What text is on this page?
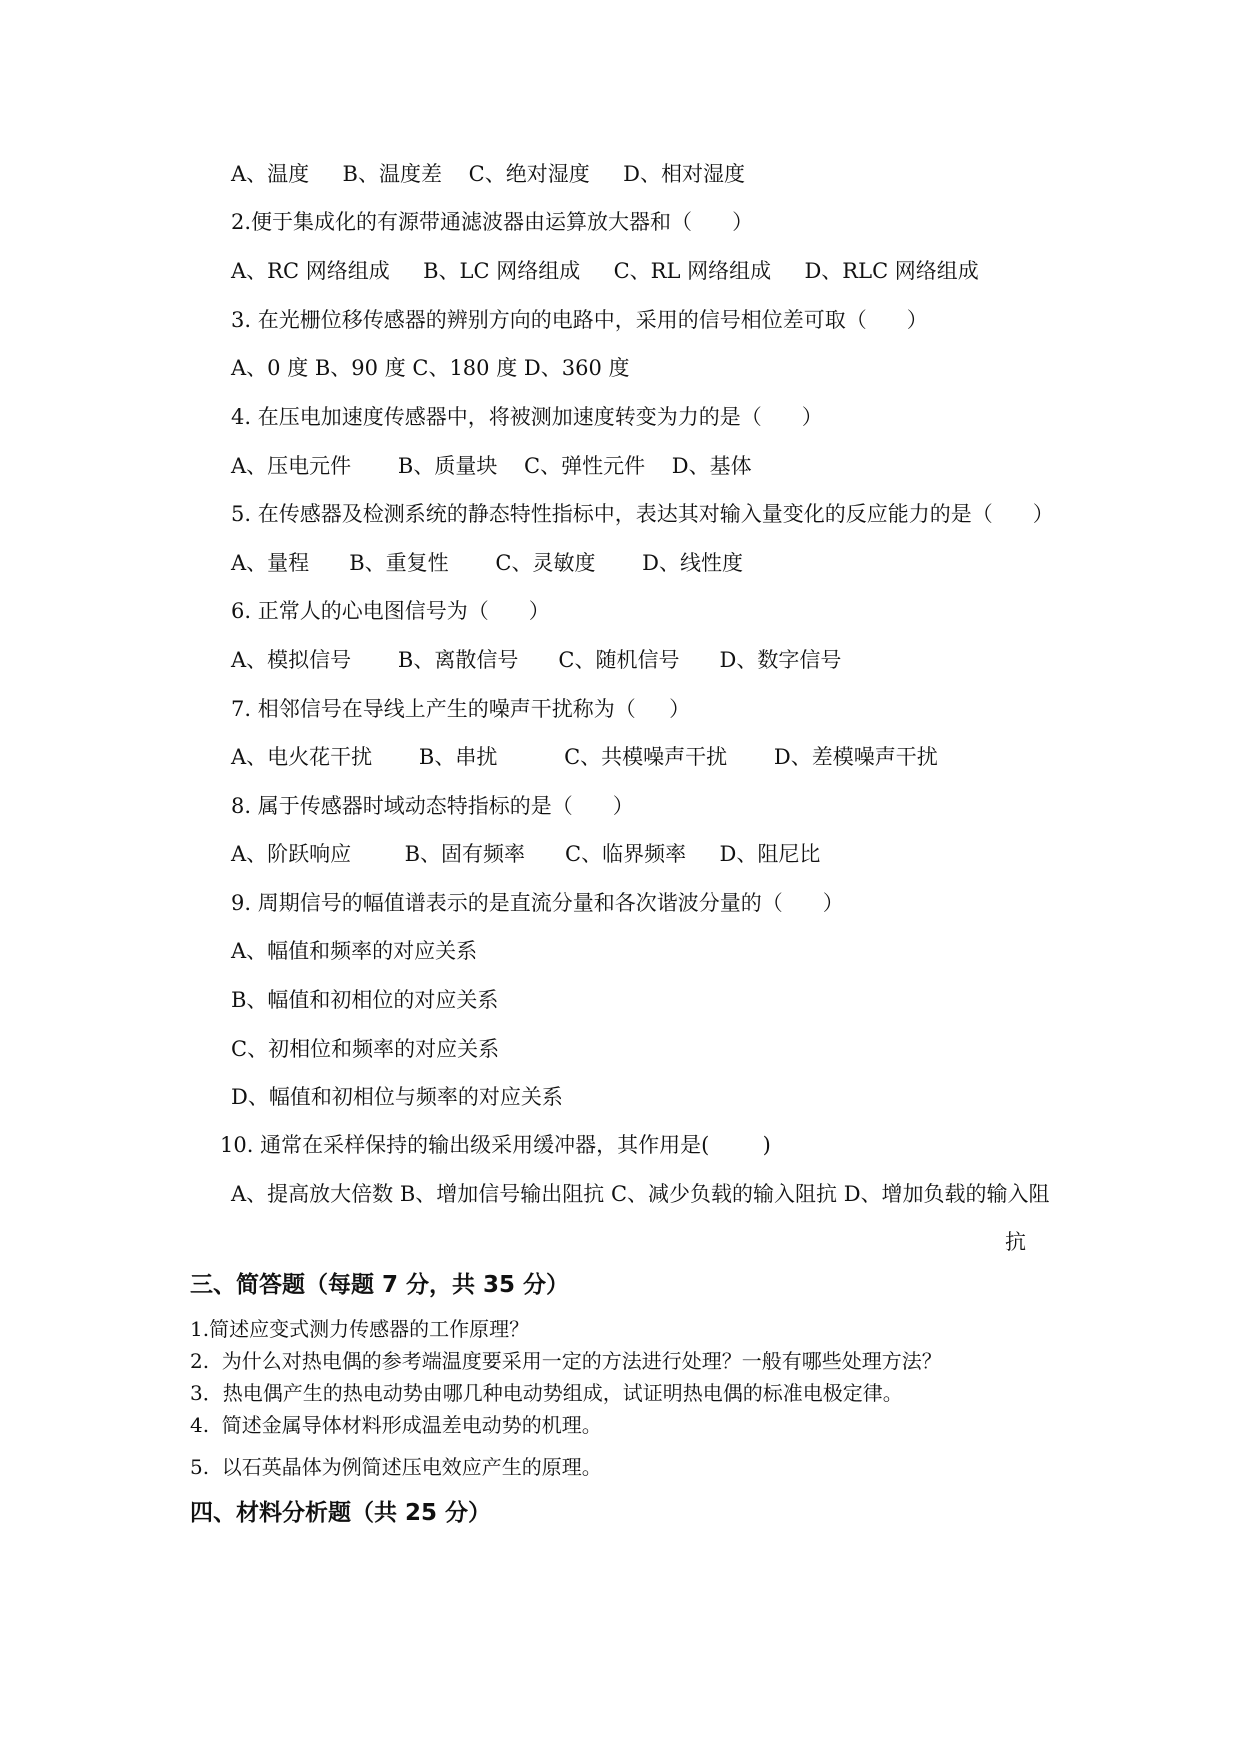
A、温度     B、温度差    C、绝对湿度     D、相对湿度
2.便于集成化的有源带通滤波器由运算放大器和（      ）
A、RC 网络组成     B、LC 网络组成     C、RL 网络组成     D、RLC 网络组成
3. 在光栅位移传感器的辨别方向的电路中，采用的信号相位差可取（      ）
A、0 度 B、90 度 C、180 度 D、360 度
4. 在压电加速度传感器中，将被测加速度转变为力的是（      ）
A、压电元件       B、质量块    C、弹性元件    D、基体
5. 在传感器及检测系统的静态特性指标中，表达其对输入量变化的反应能力的是（      ）
A、量程      B、重复性       C、灵敏度       D、线性度
6. 正常人的心电图信号为（      ）
A、模拟信号       B、离散信号      C、随机信号      D、数字信号
7. 相邻信号在导线上产生的噪声干扰称为（     ）
A、电火花干扰       B、串扰          C、共模噪声干扰       D、差模噪声干扰
8. 属于传感器时域动态特指标的是（      ）
A、阶跃响应        B、固有频率      C、临界频率     D、阻尼比
9. 周期信号的幅值谱表示的是直流分量和各次谐波分量的（      ）
A、幅值和频率的对应关系
B、幅值和初相位的对应关系
C、初相位和频率的对应关系
D、幅值和初相位与频率的对应关系
10. 通常在采样保持的输出级采用缓冲器，其作用是(        )
A、提高放大倍数 B、增加信号输出阻抗 C、减少负载的输入阻抗 D、增加负载的输入阻
抗
三、简答题（每题 7 分，共 35 分）
1.简述应变式测力传感器的工作原理？
2.  为什么对热电偶的参考端温度要采用一定的方法进行处理？一般有哪些处理方法？
3．热电偶产生的热电动势由哪几种电动势组成，试证明热电偶的标准电极定律。
4.  简述金属导体材料形成温差电动势的机理。
5.  以石英晶体为例简述压电效应产生的原理。
四、材料分析题（共 25 分）
